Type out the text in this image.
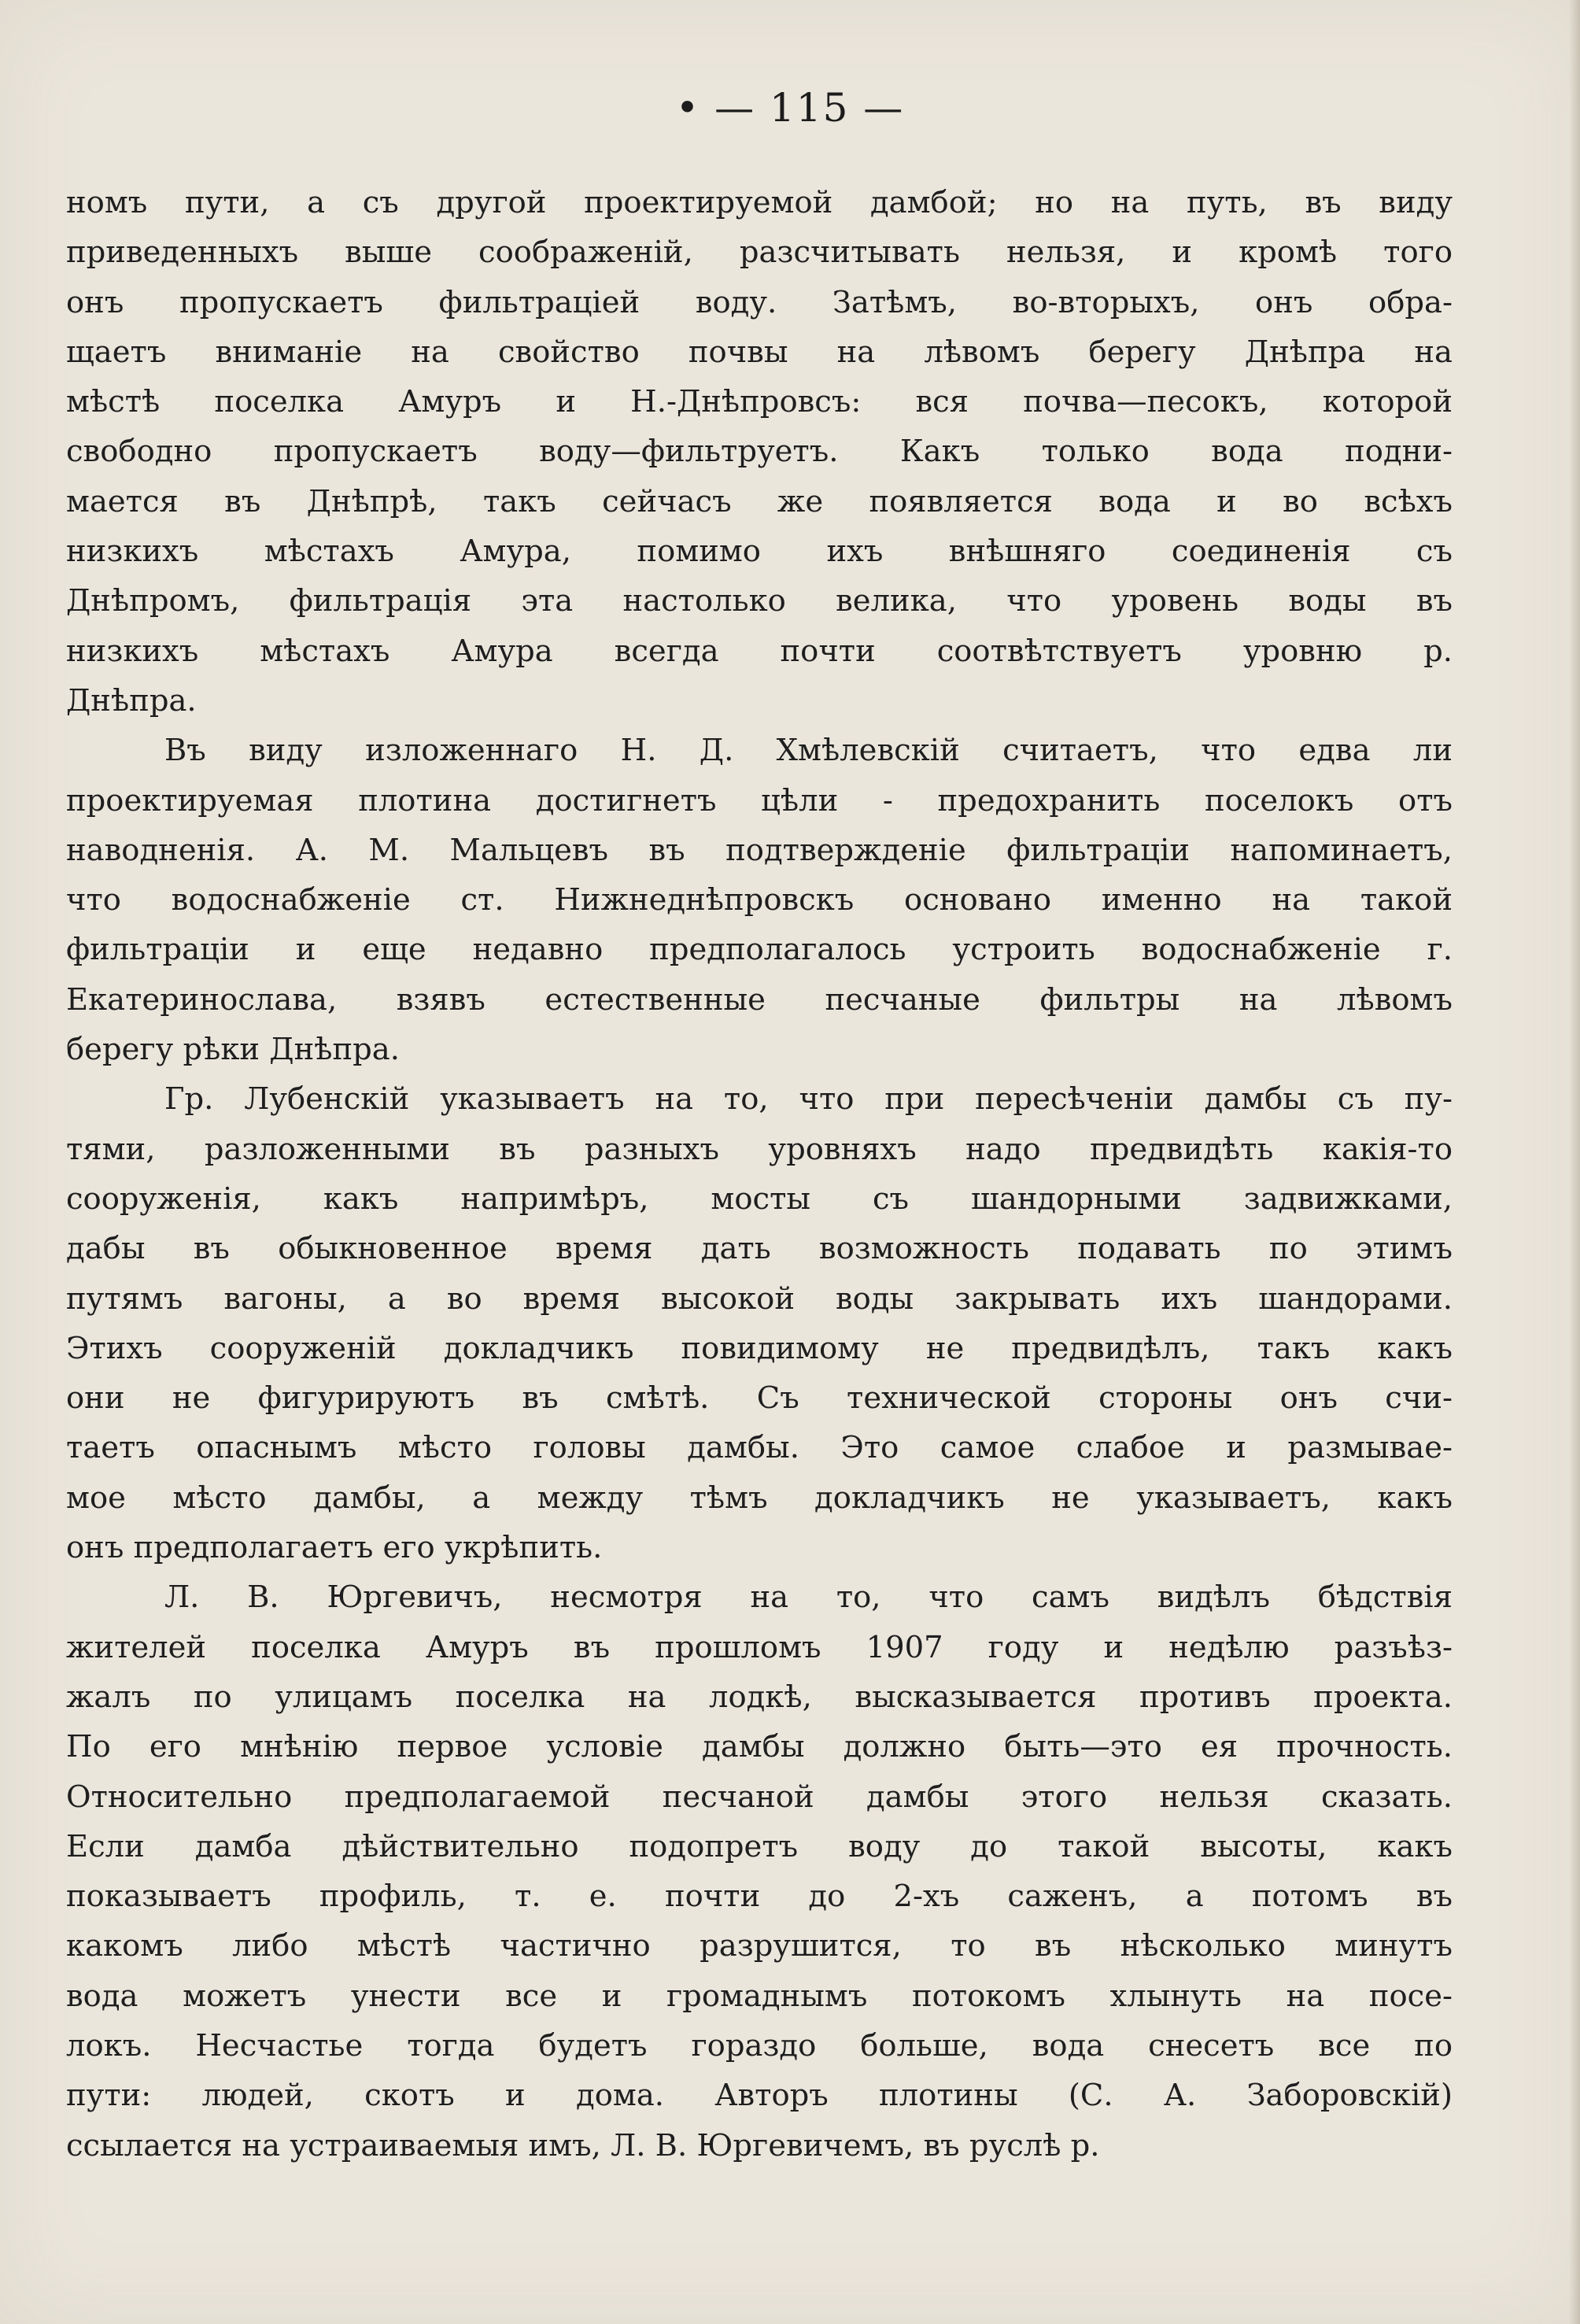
• — 115 —
номъ пути, а съ другой проектируемой дамбой; но на путь, въ виду
приведенныхъ выше соображенiй, разсчитывать нельзя, и кромѣ того
онъ пропускаетъ фильтрацiей воду. Затѣмъ, во-вторыхъ, онъ обра-
щаетъ вниманiе на свойство почвы на лѣвомъ берегу Днѣпра на
мѣстѣ поселка Амуръ и Н.-Днѣпровсъ: вся почва—песокъ, которой
свободно пропускаетъ воду—фильтруетъ. Какъ только вода подни-
мается въ Днѣпрѣ, такъ сейчасъ же появляется вода и во всѣхъ
низкихъ мѣстахъ Амура, помимо ихъ внѣшняго соединенiя съ
Днѣпромъ, фильтрацiя эта настолько велика, что уровень воды въ
низкихъ мѣстахъ Амура всегда почти соотвѣтствуетъ уровню р.
Днѣпра.
Въ виду изложеннаго Н. Д. Хмѣлевскiй считаетъ, что едва ли
проектируемая плотина достигнетъ цѣли - предохранить поселокъ отъ
наводненiя. А. М. Мальцевъ въ подтвержденiе фильтрацiи напоминаетъ,
что водоснабженiе ст. Нижнеднѣпровскъ основано именно на такой
фильтрацiи и еще недавно предполагалось устроить водоснабженiе г.
Екатеринослава, взявъ естественные песчаные фильтры на лѣвомъ
берегу рѣки Днѣпра.
Гр. Лубенскiй указываетъ на то, что при пересѣченiи дамбы съ пу-
тями, разложенными въ разныхъ уровняхъ надо предвидѣть какiя-то
сооруженiя, какъ напримѣръ, мосты съ шандорными задвижками,
дабы въ обыкновенное время дать возможность подавать по этимъ
путямъ вагоны, а во время высокой воды закрывать ихъ шандорами.
Этихъ сооруженiй докладчикъ повидимому не предвидѣлъ, такъ какъ
они не фигурируютъ въ смѣтѣ. Съ технической стороны онъ счи-
таетъ опаснымъ мѣсто головы дамбы. Это самое слабое и размывае-
мое мѣсто дамбы, а между тѣмъ докладчикъ не указываетъ, какъ
онъ предполагаетъ его укрѣпить.
Л. В. Юргевичъ, несмотря на то, что самъ видѣлъ бѣдствiя
жителей поселка Амуръ въ прошломъ 1907 году и недѣлю разъѣз-
жалъ по улицамъ поселка на лодкѣ, высказывается противъ проекта.
По его мнѣнiю первое условiе дамбы должно быть—это ея прочность.
Относительно предполагаемой песчаной дамбы этого нельзя сказать.
Если дамба дѣйствительно подопретъ воду до такой высоты, какъ
показываетъ профиль, т. е. почти до 2-хъ саженъ, а потомъ въ
какомъ либо мѣстѣ частично разрушится, то въ нѣсколько минутъ
вода можетъ унести все и громаднымъ потокомъ хлынуть на посе-
локъ. Несчастье тогда будетъ гораздо больше, вода снесетъ все по
пути: людей, скотъ и дома. Авторъ плотины (С. А. Заборовскiй)
ссылается на устраиваемыя имъ, Л. В. Юргевичемъ, въ руслѣ р.
